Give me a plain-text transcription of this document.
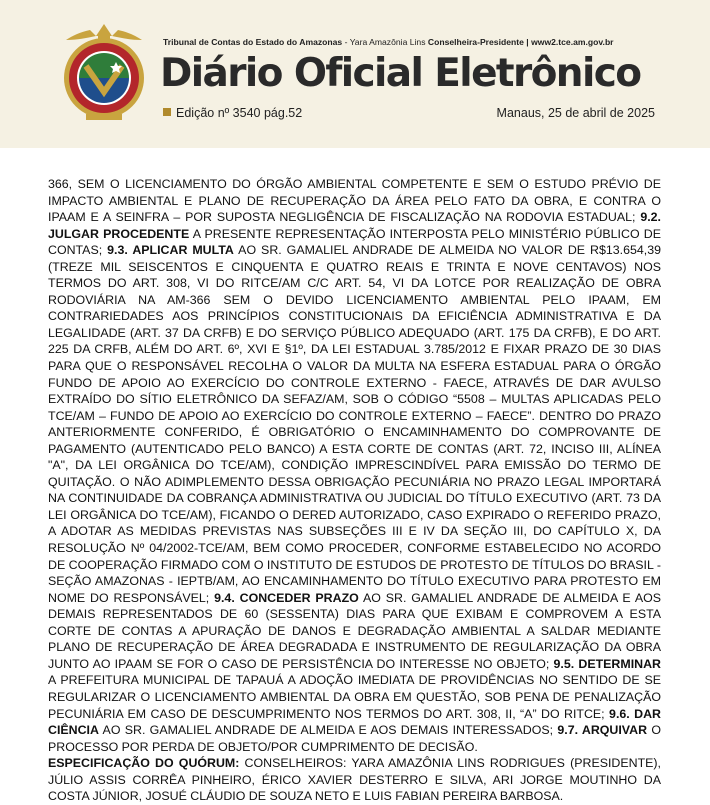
Tribunal de Contas do Estado do Amazonas - Yara Amazônia Lins Conselheira-Presidente | www2.tce.am.gov.br
Diário Oficial Eletrônico
Edição nº 3540 pág.52	Manaus, 25 de abril de 2025

366, SEM O LICENCIAMENTO DO ÓRGÃO AMBIENTAL COMPETENTE E SEM O ESTUDO PRÉVIO DE IMPACTO AMBIENTAL E PLANO DE RECUPERAÇÃO DA ÁREA PELO FATO DA OBRA, E CONTRA O IPAAM E A SEINFRA – POR SUPOSTA NEGLIGÊNCIA DE FISCALIZAÇÃO NA RODOVIA ESTADUAL; 9.2. JULGAR PROCEDENTE A PRESENTE REPRESENTAÇÃO INTERPOSTA PELO MINISTÉRIO PÚBLICO DE CONTAS; 9.3. APLICAR MULTA AO SR. GAMALIEL ANDRADE DE ALMEIDA NO VALOR DE R$13.654,39 (TREZE MIL SEISCENTOS E CINQUENTA E QUATRO REAIS E TRINTA E NOVE CENTAVOS) NOS TERMOS DO ART. 308, VI DO RITCE/AM C/C ART. 54, VI DA LOTCE POR REALIZAÇÃO DE OBRA RODOVIÁRIA NA AM-366 SEM O DEVIDO LICENCIAMENTO AMBIENTAL PELO IPAAM, EM CONTRARIEDADES AOS PRINCÍPIOS CONSTITUCIONAIS DA EFICIÊNCIA ADMINISTRATIVA E DA LEGALIDADE (ART. 37 DA CRFB) E DO SERVIÇO PÚBLICO ADEQUADO (ART. 175 DA CRFB), E DO ART. 225 DA CRFB, ALÉM DO ART. 6º, XVI E §1º, DA LEI ESTADUAL 3.785/2012 E FIXAR PRAZO DE 30 DIAS PARA QUE O RESPONSÁVEL RECOLHA O VALOR DA MULTA NA ESFERA ESTADUAL PARA O ÓRGÃO FUNDO DE APOIO AO EXERCÍCIO DO CONTROLE EXTERNO - FAECE, ATRAVÉS DE DAR AVULSO EXTRAÍDO DO SÍTIO ELETRÔNICO DA SEFAZ/AM, SOB O CÓDIGO “5508 – MULTAS APLICADAS PELO TCE/AM – FUNDO DE APOIO AO EXERCÍCIO DO CONTROLE EXTERNO – FAECE”. DENTRO DO PRAZO ANTERIORMENTE CONFERIDO, É OBRIGATÓRIO O ENCAMINHAMENTO DO COMPROVANTE DE PAGAMENTO (AUTENTICADO PELO BANCO) A ESTA CORTE DE CONTAS (ART. 72, INCISO III, ALÍNEA "A", DA LEI ORGÂNICA DO TCE/AM), CONDIÇÃO IMPRESCINDÍVEL PARA EMISSÃO DO TERMO DE QUITAÇÃO. O NÃO ADIMPLEMENTO DESSA OBRIGAÇÃO PECUNIÁRIA NO PRAZO LEGAL IMPORTARÁ NA CONTINUIDADE DA COBRANÇA ADMINISTRATIVA OU JUDICIAL DO TÍTULO EXECUTIVO (ART. 73 DA LEI ORGÂNICA DO TCE/AM), FICANDO O DERED AUTORIZADO, CASO EXPIRADO O REFERIDO PRAZO, A ADOTAR AS MEDIDAS PREVISTAS NAS SUBSEÇÕES III E IV DA SEÇÃO III, DO CAPÍTULO X, DA RESOLUÇÃO Nº 04/2002-TCE/AM, BEM COMO PROCEDER, CONFORME ESTABELECIDO NO ACORDO DE COOPERAÇÃO FIRMADO COM O INSTITUTO DE ESTUDOS DE PROTESTO DE TÍTULOS DO BRASIL - SEÇÃO AMAZONAS - IEPTB/AM, AO ENCAMINHAMENTO DO TÍTULO EXECUTIVO PARA PROTESTO EM NOME DO RESPONSÁVEL; 9.4. CONCEDER PRAZO AO SR. GAMALIEL ANDRADE DE ALMEIDA E AOS DEMAIS REPRESENTADOS DE 60 (SESSENTA) DIAS PARA QUE EXIBAM E COMPROVEM A ESTA CORTE DE CONTAS A APURAÇÃO DE DANOS E DEGRADAÇÃO AMBIENTAL A SALDAR MEDIANTE PLANO DE RECUPERAÇÃO DE ÁREA DEGRADADA E INSTRUMENTO DE REGULARIZAÇÃO DA OBRA JUNTO AO IPAAM SE FOR O CASO DE PERSISTÊNCIA DO INTERESSE NO OBJETO; 9.5. DETERMINAR A PREFEITURA MUNICIPAL DE TAPAUÁ A ADOÇÃO IMEDIATA DE PROVIDÊNCIAS NO SENTIDO DE SE REGULARIZAR O LICENCIAMENTO AMBIENTAL DA OBRA EM QUESTÃO, SOB PENA DE PENALIZAÇÃO PECUNIÁRIA EM CASO DE DESCUMPRIMENTO NOS TERMOS DO ART. 308, II, “A” DO RITCE; 9.6. DAR CIÊNCIA AO SR. GAMALIEL ANDRADE DE ALMEIDA E AOS DEMAIS INTERESSADOS; 9.7. ARQUIVAR O PROCESSO POR PERDA DE OBJETO/POR CUMPRIMENTO DE DECISÃO.

ESPECIFICAÇÃO DO QUÓRUM: CONSELHEIROS: YARA AMAZÔNIA LINS RODRIGUES (PRESIDENTE), JÚLIO ASSIS CORRÊA PINHEIRO, ÉRICO XAVIER DESTERRO E SILVA, ARI JORGE MOUTINHO DA COSTA JÚNIOR, JOSUÉ CLÁUDIO DE SOUZA NETO E LUIS FABIAN PEREIRA BARBOSA.
